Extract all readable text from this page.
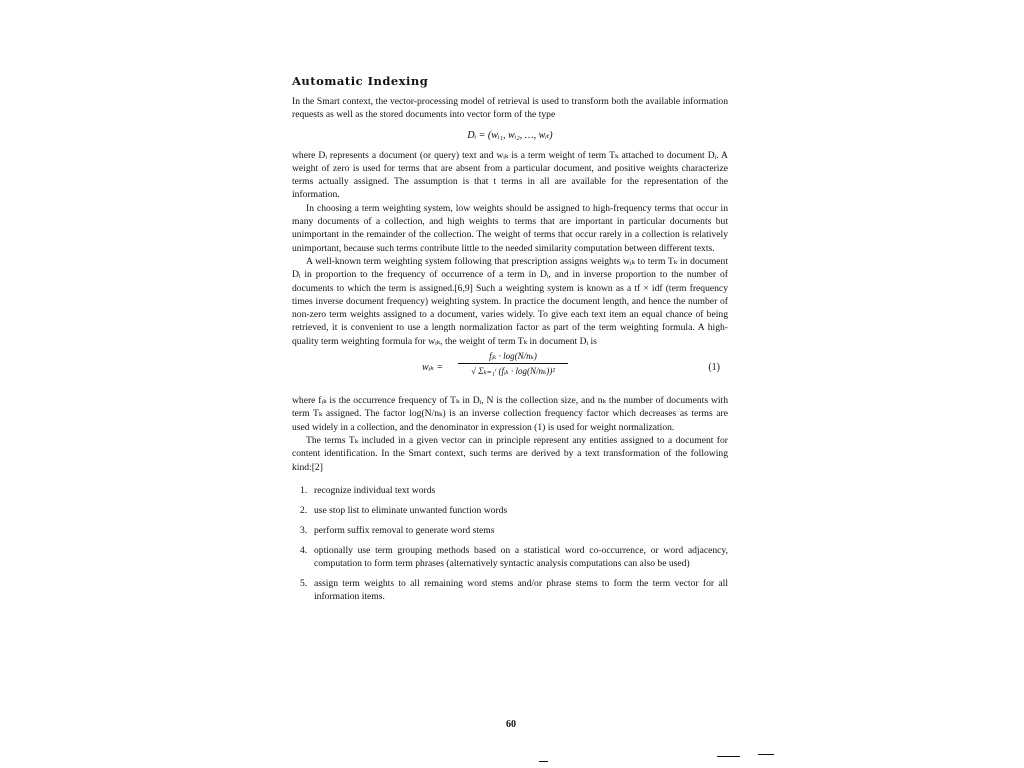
Automatic Indexing

In the Smart context, the vector-processing model of retrieval is used to transform both the available information requests as well as the stored documents into vector form of the type

Dᵢ = (wᵢ₁, wᵢ₂, …, wᵢₜ)

where Dᵢ represents a document (or query) text and wᵢₖ is a term weight of term Tₖ attached to document Dᵢ. A weight of zero is used for terms that are absent from a particular document, and positive weights characterize terms actually assigned. The assumption is that t terms in all are available for the representation of the information.

In choosing a term weighting system, low weights should be assigned to high-frequency terms that occur in many documents of a collection, and high weights to terms that are important in particular documents but unimportant in the remainder of the collection. The weight of terms that occur rarely in a collection is relatively unimportant, because such terms contribute little to the needed similarity computation between different texts.

A well-known term weighting system following that prescription assigns weights wᵢₖ to term Tₖ in document Dᵢ in proportion to the frequency of occurrence of a term in Dᵢ, and in inverse proportion to the number of documents to which the term is assigned.[6,9] Such a weighting system is known as a tf × idf (term frequency times inverse document frequency) weighting system. In practice the document length, and hence the number of non-zero term weights assigned to a document, varies widely. To give each text item an equal chance of being retrieved, it is convenient to use a length normalization factor as part of the term weighting formula. A high-quality term weighting formula for wᵢₖ, the weight of term Tₖ in document Dᵢ is

wᵢₖ =
fᵢₖ · log(N/nₖ)
√ Σₖ₌₁ᵗ (fᵢₖ · log(N/nₖ))²	(1)

where fᵢₖ is the occurrence frequency of Tₖ in Dᵢ, N is the collection size, and nₖ the number of documents with term Tₖ assigned. The factor log(N/nₖ) is an inverse collection frequency factor which decreases as terms are used widely in a collection, and the denominator in expression (1) is used for weight normalization.

The terms Tₖ included in a given vector can in principle represent any entities assigned to a document for content identification. In the Smart context, such terms are derived by a text transformation of the following kind:[2]

1. recognize individual text words
2. use stop list to eliminate unwanted function words
3. perform suffix removal to generate word stems
4. optionally use term grouping methods based on a statistical word co-occurrence, or word adjacency, computation to form term phrases (alternatively syntactic analysis computations can also be used)
5. assign term weights to all remaining word stems and/or phrase stems to form the term vector for all information items.
60
